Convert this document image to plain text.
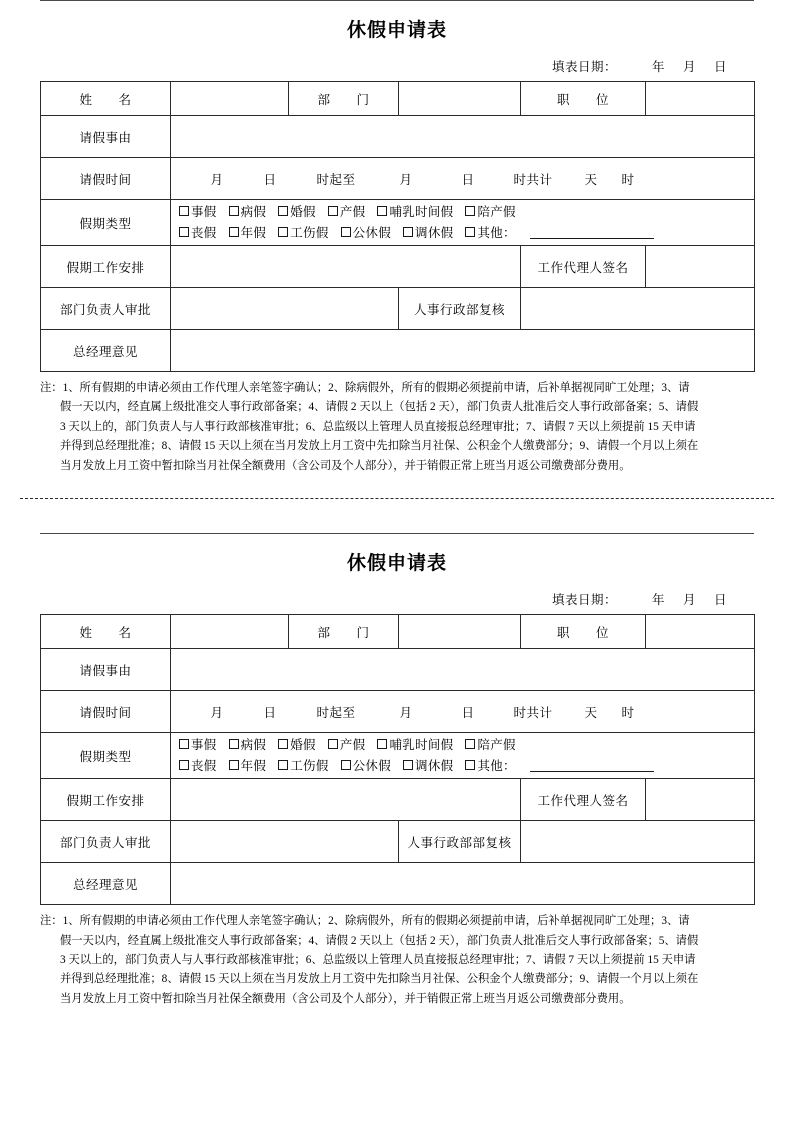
休假申请表
填表日期：	年 月 日
姓　　名		部　　门		职　　位	
请假事由					
请假时间	月 日 时起至 月 日 时共计 天 时				
假期类型	事假 病假 婚假 产假 哺乳时间假 陪产假 丧假 年假 工伤假 公休假 调休假 其他：				
假期工作安排				工作代理人签名	
部门负责人审批			人事行政部复核		
总经理意见					
注：1、所有假期的申请必须由工作代理人亲笔签字确认；2、除病假外，所有的假期必须提前申请，后补单据视同旷工处理；3、请
假一天以内，经直属上级批准交人事行政部备案；4、请假 2 天以上（包括 2 天），部门负责人批准后交人事行政部备案；5、请假
3 天以上的，部门负责人与人事行政部核准审批；6、总监级以上管理人员直接报总经理审批；7、请假 7 天以上须提前 15 天申请
并得到总经理批准；8、请假 15 天以上须在当月发放上月工资中先扣除当月社保、公积金个人缴费部分；9、请假一个月以上须在
当月发放上月工资中暂扣除当月社保全额费用（含公司及个人部分），并于销假正常上班当月返公司缴费部分费用。
休假申请表
填表日期：	年 月 日
姓　　名		部　　门		职　　位	
请假事由					
请假时间	月 日 时起至 月 日 时共计 天 时				
假期类型	事假 病假 婚假 产假 哺乳时间假 陪产假 丧假 年假 工伤假 公休假 调休假 其他：				
假期工作安排				工作代理人签名	
部门负责人审批			人事行政部部复核		
总经理意见					
注：1、所有假期的申请必须由工作代理人亲笔签字确认；2、除病假外，所有的假期必须提前申请，后补单据视同旷工处理；3、请
假一天以内，经直属上级批准交人事行政部备案；4、请假 2 天以上（包括 2 天），部门负责人批准后交人事行政部备案；5、请假
3 天以上的，部门负责人与人事行政部核准审批；6、总监级以上管理人员直接报总经理审批；7、请假 7 天以上须提前 15 天申请
并得到总经理批准；8、请假 15 天以上须在当月发放上月工资中先扣除当月社保、公积金个人缴费部分；9、请假一个月以上须在
当月发放上月工资中暂扣除当月社保全额费用（含公司及个人部分），并于销假正常上班当月返公司缴费部分费用。
